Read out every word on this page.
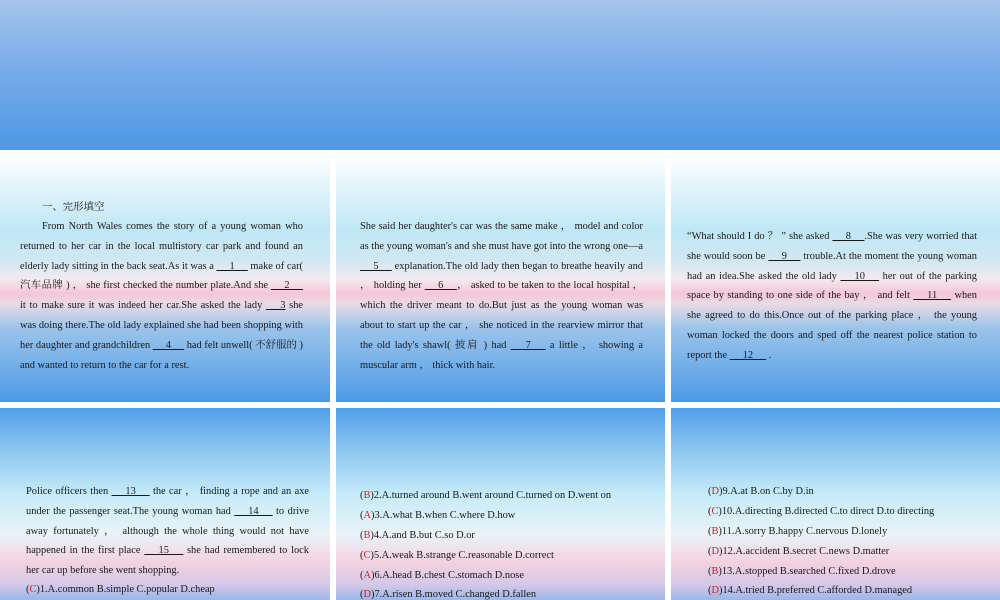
一、完形填空
From North Wales comes the story of a young woman who returned to her car in the local multistory car park and found an elderly lady sitting in the back seat.As it was a __ 1 __ make of car( 汽车品牌 ) ， she first checked the number plate.And she __ 2 __ it to make sure it was indeed her car.She asked the lady __ 3 she was doing there.The old lady explained she had been shopping with her daughter and grandchildren __ 4 __ had felt unwell( 不舒服的 ) and wanted to return to the car for a rest.
She said her daughter's car was the same make ， model and color as the young woman's and she must have got into the wrong one—a __ 5 __ explanation.The old lady then began to breathe heavily and ， holding her __ 6 __， asked to be taken to the local hospital ， which the driver meant to do.But just as the young woman was about to start up the car ， she noticed in the rearview mirror that the old lady's shawl( 披肩 ) had __ 7 __ a little ， showing a muscular arm ， thick with hair.
“What should I do ？ ” she asked __ 8 __.She was very worried that she would soon be __ 9 __ trouble.At the moment the young woman had an idea.She asked the old lady __ 10 __ her out of the parking space by standing to one side of the bay ， and felt __ 11 __ when she agreed to do this.Once out of the parking place ， the young woman locked the doors and sped off the nearest police station to report the __ 12 __ .
Police officers then __ 13 __ the car ， finding a rope and an axe under the passenger seat.The young woman had __ 14 __ to drive away fortunately ， although the whole thing would not have happened in the first place __ 15 __ she had remembered to lock her car up before she went shopping.
(C)1.A.common B.simple C.popular D.cheap
(B)2.A.turned around B.went around C.turned on D.went on
(A)3.A.what B.when C.where D.how
(B)4.A.and B.but C.so D.or
(C)5.A.weak B.strange C.reasonable D.correct
(A)6.A.head B.chest C.stomach D.nose
(D)7.A.risen B.moved C.changed D.fallen
(D)9.A.at B.on C.by D.in
(C)10.A.directing B.directed C.to direct D.to directing
(B)11.A.sorry B.happy C.nervous D.lonely
(D)12.A.accident B.secret C.news D.matter
(B)13.A.stopped B.searched C.fixed D.drove
(D)14.A.tried B.preferred C.afforded D.managed
